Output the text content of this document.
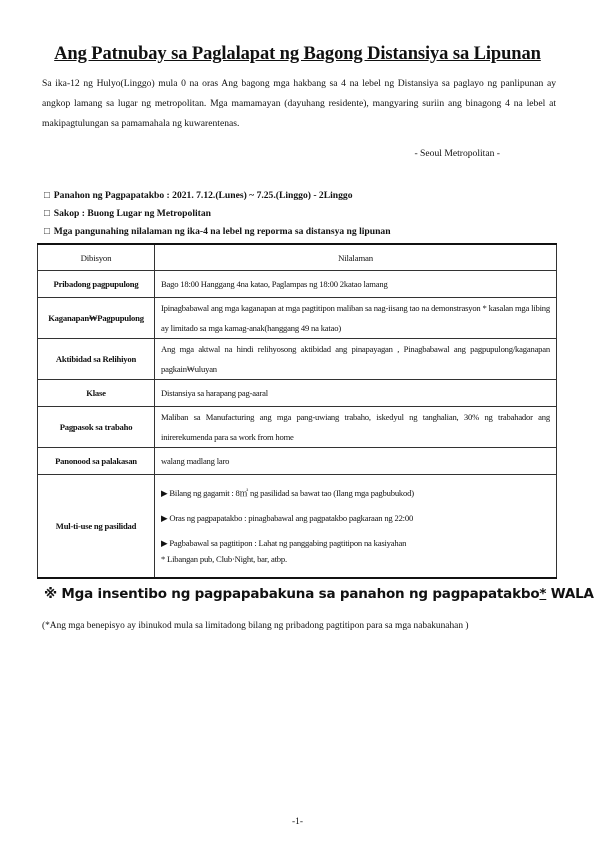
Ang Patnubay sa Paglalapat ng Bagong Distansiya sa Lipunan
Sa ika-12 ng Hulyo(Linggo) mula 0 na oras Ang bagong mga hakbang sa 4 na lebel ng Distansiya sa paglayo ng panlipunan ay angkop lamang sa lugar ng metropolitan. Mga mamamayan (dayuhang residente), mangyaring suriin ang binagong 4 na lebel at makipagtulungan sa pamamahala ng kuwarentenas.
- Seoul Metropolitan -
□ Panahon ng Pagpapatakbo : 2021. 7.12.(Lunes) ~ 7.25.(Linggo) - 2Linggo
□ Sakop : Buong Lugar ng Metropolitan
□ Mga pangunahing nilalaman ng ika-4 na lebel ng reporma sa distansya ng lipunan
Dibisyon	Nilalaman
Pribadong pagpupulong	Bago 18:00 Hanggang 4na katao, Paglampas ng 18:00 2katao lamang
Kaganapan₩Pagpupulong	Ipinagbabawal ang mga kaganapan at mga pagtitipon maliban sa nag-iisang tao na demonstrasyon * kasalan mga libing ay limitado sa mga kamag-anak(hanggang 49 na katao)
Aktibidad sa Relihiyon	Ang mga aktwal na hindi relihyosong aktibidad ang pinapayagan , Pinagbabawal ang pagpupulong/kaganapan pagkain₩uluyan
Klase	Distansiya sa harapang pag-aaral
Pagpasok sa trabaho	Maliban sa Manufacturing ang mga pang-uwiang trabaho, iskedyul ng tanghalian, 30% ng trabahador ang inirerekumenda para sa work from home
Panonood sa palakasan	walang madlang laro
Mul-ti-use ng pasilidad	▶ Bilang ng gagamit : 8㎡ ng pasilidad sa bawat tao (Ilang mga pagbubukod)
▶ Oras ng pagpapatakbo : pinagbabawal ang pagpatakbo pagkaraan ng 22:00
▶ Pagbabawal sa pagtitipon : Lahat ng panggabing pagtitipon na kasiyahan
* Libangan pub, Club·Night, bar, atbp.
※ Mga insentibo ng pagpapabakuna sa panahon ng pagpapatakbo* WALA
(*Ang mga benepisyo ay ibinukod mula sa limitadong bilang ng pribadong pagtitipon para sa mga nabakunahan )
-1-
